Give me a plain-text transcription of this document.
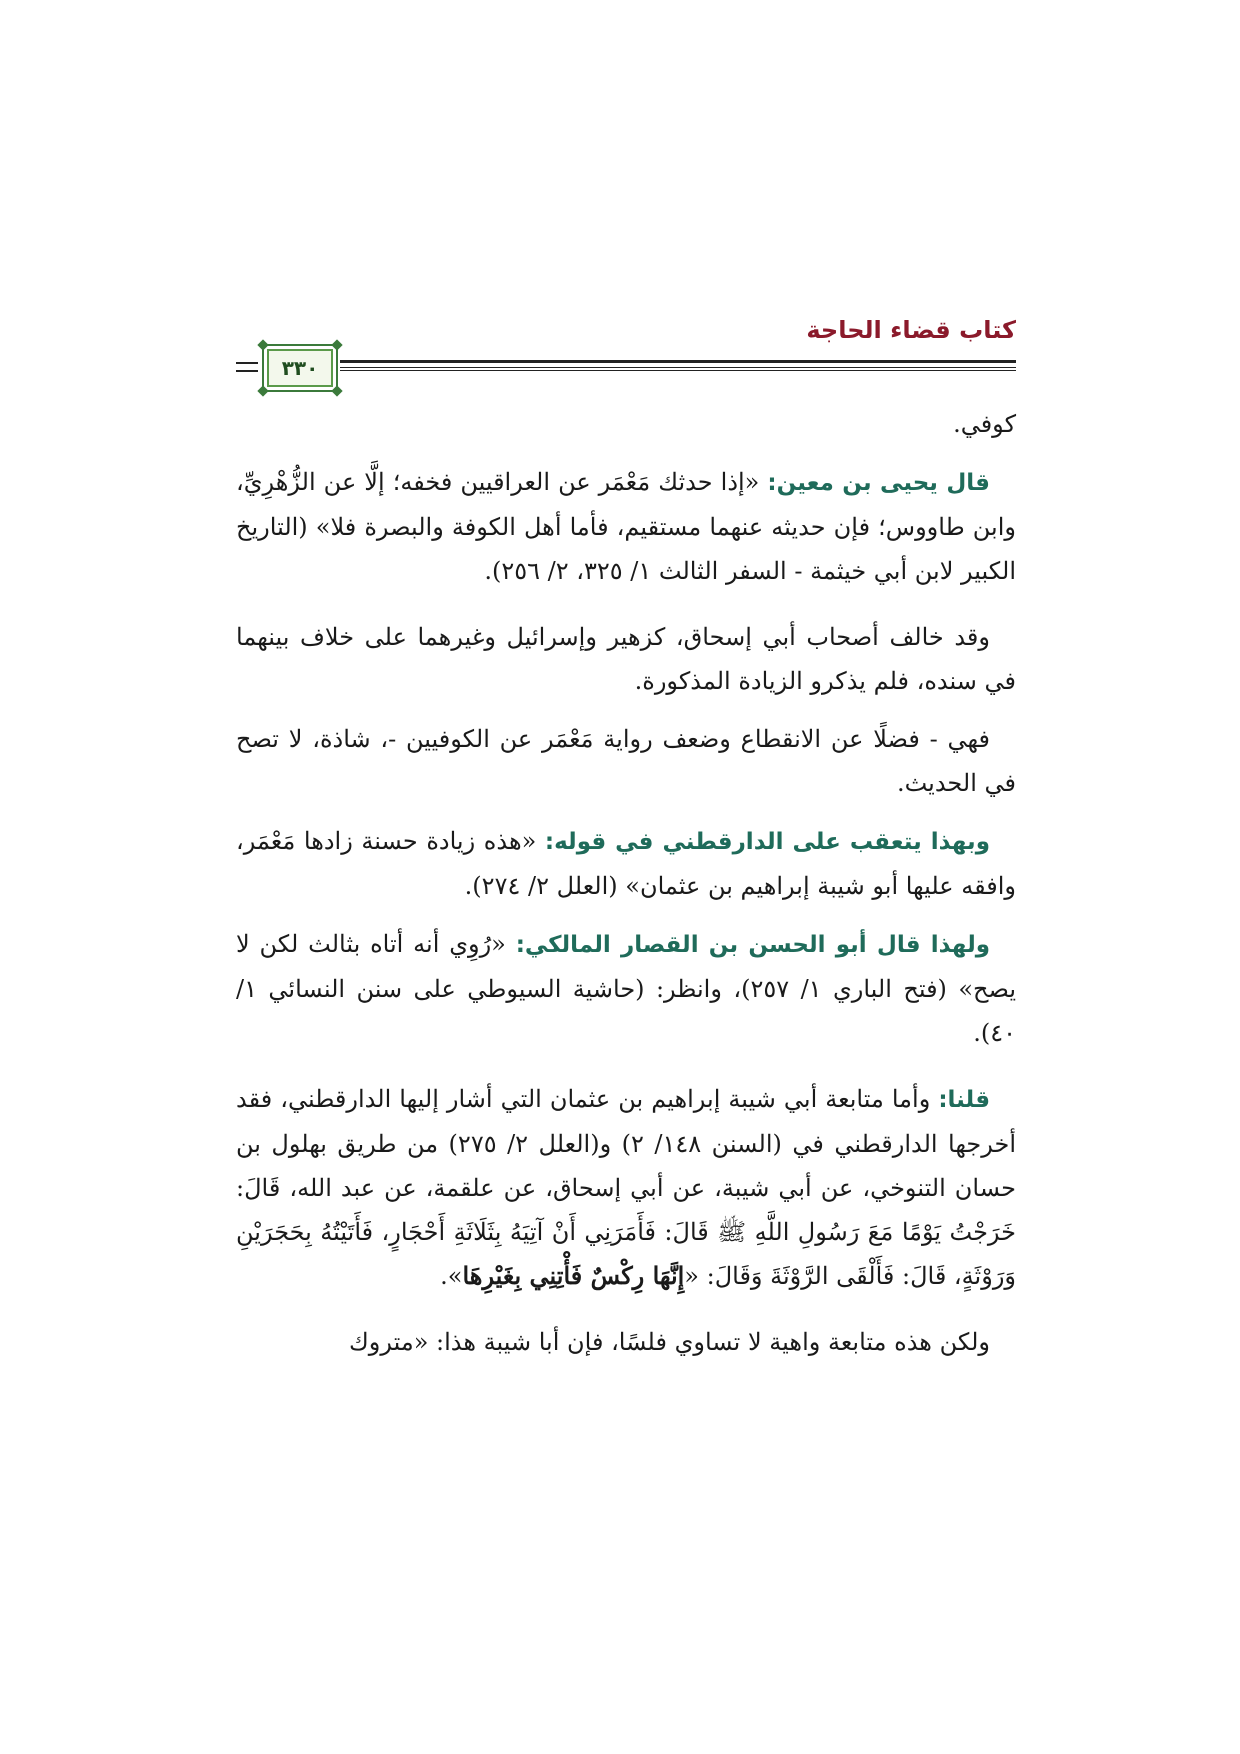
كتاب قضاء الحاجة
٣٣٠

كوفي.

قال يحيى بن معين: «إذا حدثك مَعْمَر عن العراقيين فخفه؛ إلَّا عن الزُّهْرِيِّ، وابن طاووس؛ فإن حديثه عنهما مستقيم، فأما أهل الكوفة والبصرة فلا» (التاريخ الكبير لابن أبي خيثمة - السفر الثالث ١/ ٣٢٥، ٢/ ٢٥٦).

وقد خالف أصحاب أبي إسحاق، كزهير وإسرائيل وغيرهما على خلاف بينهما في سنده، فلم يذكرو الزيادة المذكورة.

فهي - فضلًا عن الانقطاع وضعف رواية مَعْمَر عن الكوفيين -، شاذة، لا تصح في الحديث.

وبهذا يتعقب على الدارقطني في قوله: «هذه زيادة حسنة زادها مَعْمَر، وافقه عليها أبو شيبة إبراهيم بن عثمان» (العلل ٢/ ٢٧٤).

ولهذا قال أبو الحسن بن القصار المالكي: «رُوِي أنه أتاه بثالث لكن لا يصح» (فتح الباري ١/ ٢٥٧)، وانظر: (حاشية السيوطي على سنن النسائي ١/ ٤٠).

قلنا: وأما متابعة أبي شيبة إبراهيم بن عثمان التي أشار إليها الدارقطني، فقد أخرجها الدارقطني في (السنن ١٤٨/ ٢) و(العلل ٢/ ٢٧٥) من طريق بهلول بن حسان التنوخي، عن أبي شيبة، عن أبي إسحاق، عن علقمة، عن عبد الله، قَالَ: خَرَجْتُ يَوْمًا مَعَ رَسُولِ اللَّهِ ﷺ قَالَ: فَأَمَرَنِي أَنْ آتِيَهُ بِثَلَاثَةِ أَحْجَارٍ، فَأَتَيْتُهُ بِحَجَرَيْنِ وَرَوْثَةٍ، قَالَ: فَأَلْقَى الرَّوْثَةَ وَقَالَ: «إِنَّهَا رِكْسٌ فَأْتِنِي بِغَيْرِهَا».

ولكن هذه متابعة واهية لا تساوي فلسًا، فإن أبا شيبة هذا: «متروك
